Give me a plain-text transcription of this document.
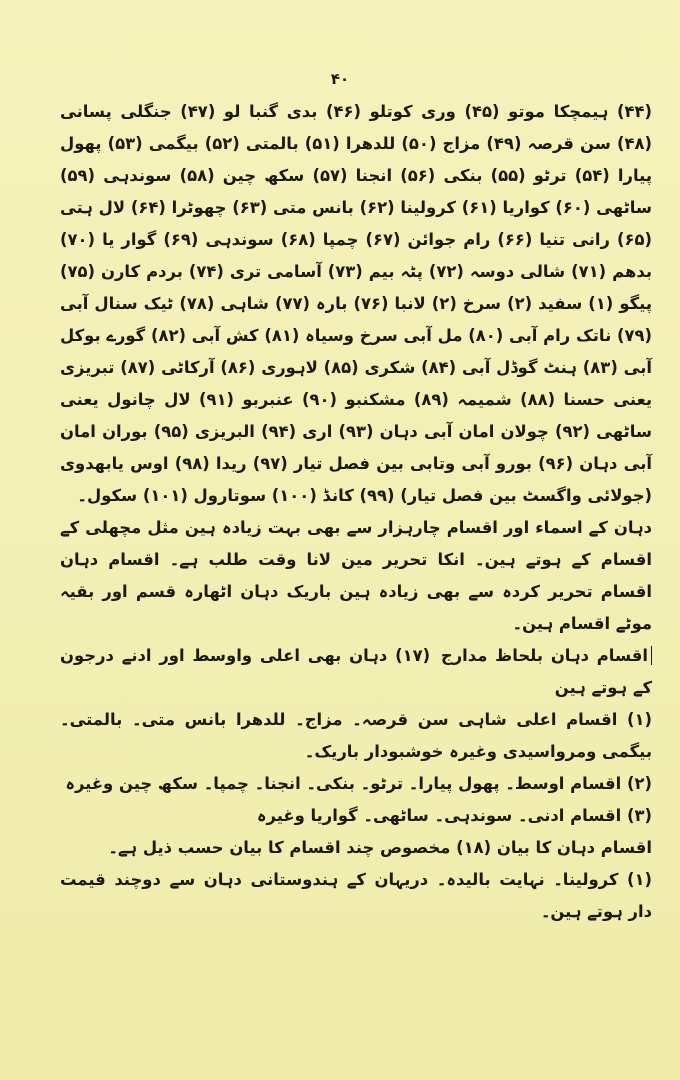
۴۰

(۴۴) ہیمچکا موتو (۴۵) وری کوتلو (۴۶) بدی گنبا لو (۴۷) جنگلی پسانی (۴۸) سن قرصہ (۴۹) مزاج (۵۰) للدھرا (۵۱) بالمتی (۵۲) بیگمی (۵۳) پھول پیارا (۵۴) ترٹو (۵۵) بنکی (۵۶) انجنا (۵۷) سکھ چین (۵۸) سوندہی (۵۹) ساٹھی (۶۰) کواریا (۶۱) کرولینا (۶۲) بانس متی (۶۳) چھوٹرا (۶۴) لال ہتی (۶۵) رانی تنیا (۶۶) رام جوائن (۶۷) چمپا (۶۸) سوندہی (۶۹) گوار یا (۷۰) بدھم (۷۱) شالی دوسہ (۷۲) پٹہ بیم (۷۳) آسامی تری (۷۴) بردم کارن (۷۵) پیگو (۱) سفید (۲) سرخ (۲) لانبا (۷۶) بارہ (۷۷) شاہی (۷۸) ٹیک سنال آبی (۷۹) ناتک رام آبی (۸۰) مل آبی سرخ وسیاہ (۸۱) کش آبی (۸۲) گورے بوکل آبی (۸۳) ہنٹ گوڈل آبی (۸۴) شکری (۸۵) لاہوری (۸۶) آرکاٹی (۸۷) تبریزی یعنی حسنا (۸۸) شمیمہ (۸۹) مشکنبو (۹۰) عنبربو (۹۱) لال چانول یعنی ساٹھی (۹۲) چولان امان آبی دہان (۹۳) اری (۹۴) البریزی (۹۵) بوران امان آبی دہان (۹۶) بورو آبی وتابی بین فصل تیار (۹۷) ریدا (۹۸) اوس یابھدوی (جولائی واگسٹ بین فصل تیار) (۹۹) کانڈ (۱۰۰) سوتارول (۱۰۱) سکول۔

دہان کے اسماء اور اقسام چارہزار سے بھی بہت زیادہ ہین مثل مچھلی کے اقسام کے ہوتے ہین۔ انکا تحریر مین لانا وقت طلب ہے۔ اقسام دہان اقسام تحریر کردہ سے بھی زیادہ ہین باریک دہان اٹھارہ قسم اور بقیہ موٹے اقسام ہین۔

اقسام دہان بلحاظ مدارج (۱۷) دہان بھی اعلی واوسط اور ادنے درجون کے ہوتے ہین

(۱) اقسام اعلی شاہی سن قرصہ۔ مزاج۔ للدھرا بانس متی۔ بالمتی۔ بیگمی ومرواسیدی وغیرہ خوشبودار باریک۔

(۲) اقسام اوسط۔ پھول پیارا۔ ترٹو۔ بنکی۔ انجنا۔ چمپا۔ سکھ چین وغیرہ

(۳) اقسام ادنی۔ سوندہی۔ ساٹھی۔ گواریا وغیرہ

اقسام دہان کا بیان (۱۸) مخصوص چند اقسام کا بیان حسب ذیل ہے۔

(۱) کرولینا۔ نہایت بالیدہ۔ دریہان کے ہندوستانی دہان سے دوچند قیمت دار ہوتے ہین۔
